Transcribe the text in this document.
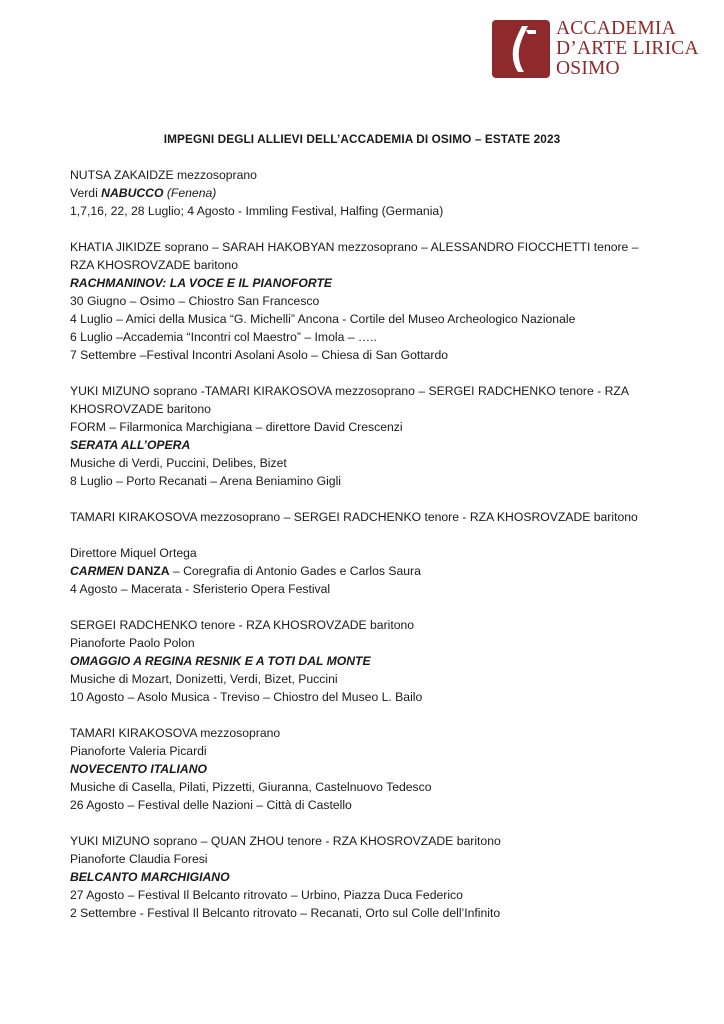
ACCADEMIA
D’ARTE LIRICA
OSIMO
IMPEGNI DEGLI ALLIEVI DELL’ACCADEMIA DI OSIMO – ESTATE 2023
NUTSA ZAKAIDZE mezzosoprano
Verdi NABUCCO (Fenena)
1,7,16, 22, 28 Luglio; 4 Agosto - Immling Festival, Halfing (Germania)
KHATIA JIKIDZE soprano – SARAH HAKOBYAN mezzosoprano – ALESSANDRO FIOCCHETTI tenore –
RZA KHOSROVZADE baritono
RACHMANINOV: LA VOCE E IL PIANOFORTE
30 Giugno – Osimo – Chiostro San Francesco
4 Luglio – Amici della Musica “G. Michelli” Ancona - Cortile del Museo Archeologico Nazionale
6 Luglio –Accademia “Incontri col Maestro” – Imola – …..
7 Settembre –Festival Incontri Asolani Asolo – Chiesa di San Gottardo
YUKI MIZUNO soprano -TAMARI KIRAKOSOVA mezzosoprano – SERGEI RADCHENKO tenore - RZA
KHOSROVZADE baritono
FORM – Filarmonica Marchigiana – direttore David Crescenzi
SERATA ALL’OPERA
Musiche di Verdi, Puccini, Delibes, Bizet
8 Luglio – Porto Recanati – Arena Beniamino Gigli
TAMARI KIRAKOSOVA mezzosoprano – SERGEI RADCHENKO tenore - RZA KHOSROVZADE baritono
Direttore Miquel Ortega
CARMEN DANZA – Coregrafia di Antonio Gades e Carlos Saura
4 Agosto – Macerata - Sferisterio Opera Festival
SERGEI RADCHENKO tenore - RZA KHOSROVZADE baritono
Pianoforte Paolo Polon
OMAGGIO A REGINA RESNIK E A TOTI DAL MONTE
Musiche di Mozart, Donizetti, Verdi, Bizet, Puccini
10 Agosto – Asolo Musica - Treviso – Chiostro del Museo L. Bailo
TAMARI KIRAKOSOVA mezzosoprano
Pianoforte Valeria Picardi
NOVECENTO ITALIANO
Musiche di Casella, Pilati, Pizzetti, Giuranna, Castelnuovo Tedesco
26 Agosto – Festival delle Nazioni – Città di Castello
YUKI MIZUNO soprano – QUAN ZHOU tenore - RZA KHOSROVZADE baritono
Pianoforte Claudia Foresi
BELCANTO MARCHIGIANO
27 Agosto – Festival Il Belcanto ritrovato – Urbino, Piazza Duca Federico
2 Settembre - Festival Il Belcanto ritrovato – Recanati, Orto sul Colle dell’Infinito
